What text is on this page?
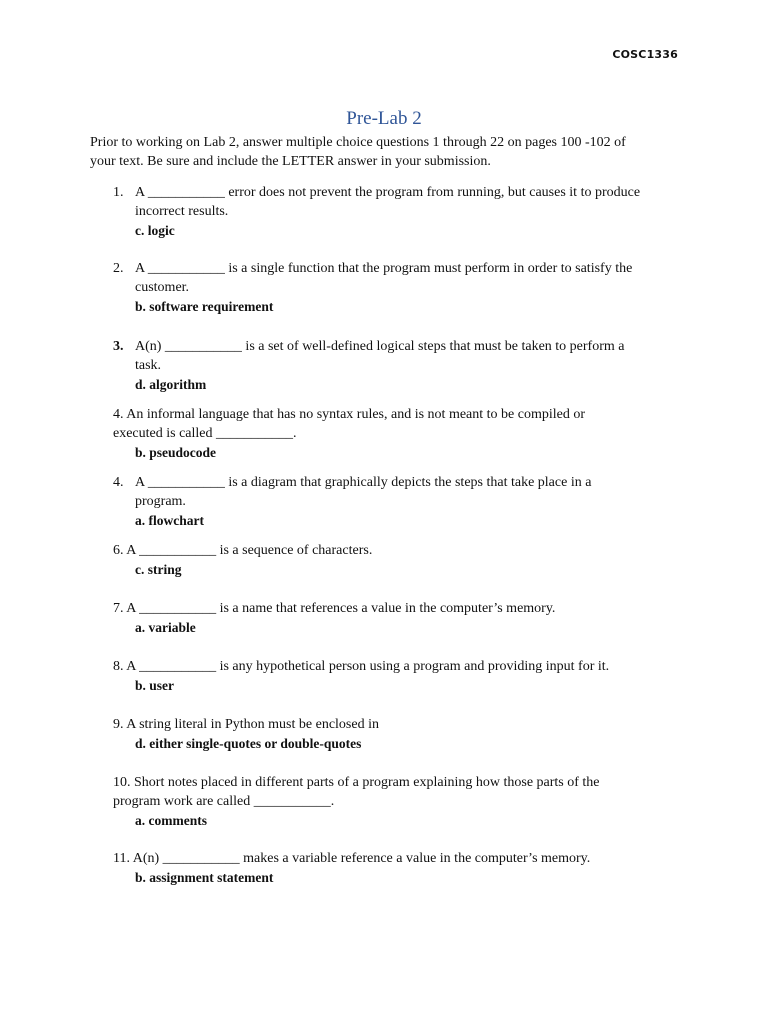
COSC1336
Pre-Lab 2
Prior to working on Lab 2, answer multiple choice questions 1 through 22 on pages 100 -102 of
your text. Be sure and include the LETTER answer in your submission.
1. A ___________ error does not prevent the program from running, but causes it to produce
incorrect results.
c. logic
2. A ___________ is a single function that the program must perform in order to satisfy the
customer.
b. software requirement
3. A(n) ___________ is a set of well-defined logical steps that must be taken to perform a
task.
d. algorithm
4. An informal language that has no syntax rules, and is not meant to be compiled or
executed is called ___________.
b. pseudocode
4. A ___________ is a diagram that graphically depicts the steps that take place in a
program.
a. flowchart
6. A ___________ is a sequence of characters.
c. string
7. A ___________ is a name that references a value in the computer’s memory.
a. variable
8. A ___________ is any hypothetical person using a program and providing input for it.
b. user
9. A string literal in Python must be enclosed in
d. either single-quotes or double-quotes
10. Short notes placed in different parts of a program explaining how those parts of the
program work are called ___________.
a. comments
11. A(n) ___________ makes a variable reference a value in the computer’s memory.
b. assignment statement
